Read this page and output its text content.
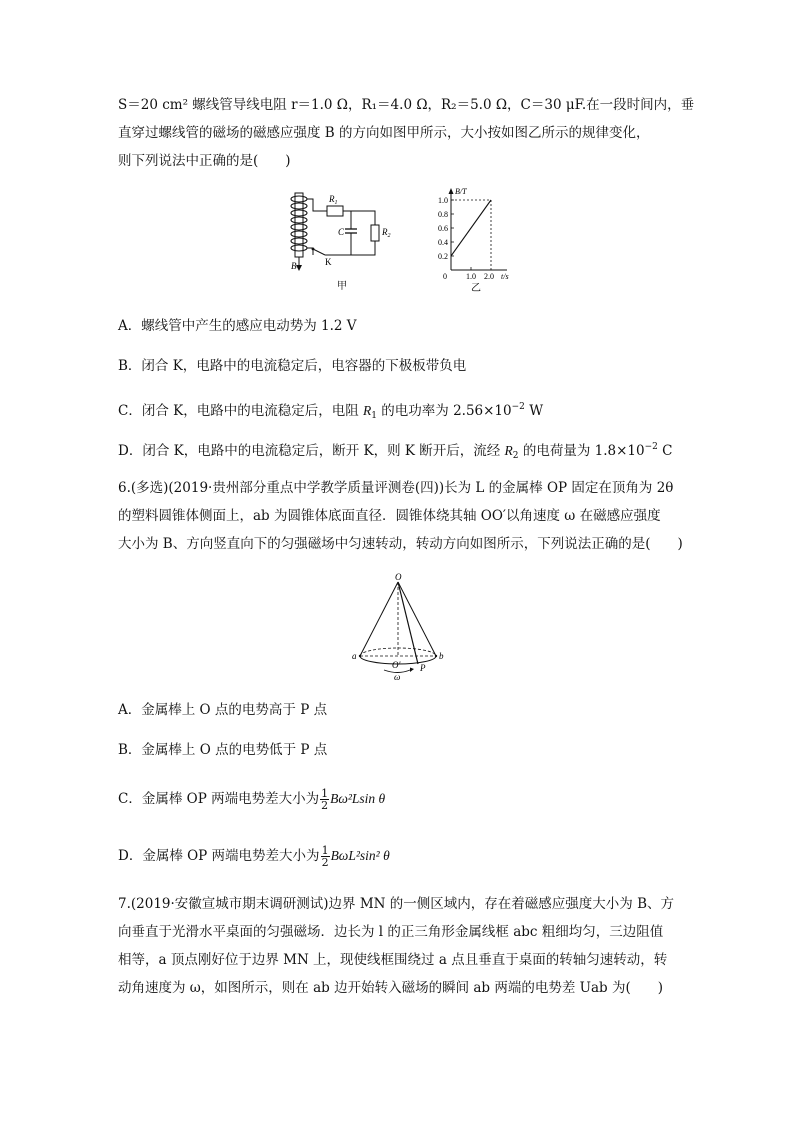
S＝20 cm² 螺线管导线电阻 r＝1.0 Ω，R₁＝4.0 Ω，R₂＝5.0 Ω，C＝30 μF.在一段时间内，垂
直穿过螺线管的磁场的磁感应强度 B 的方向如图甲所示，大小按如图乙所示的规律变化，
则下列说法中正确的是(　　)
$R_1$
$R_2$
C
B	K
甲
1.0
0.8
0.6
0.4
0.2
0 1.0 2.0
B/T
t/s
乙
A．螺线管中产生的感应电动势为 1.2 V
B．闭合 K，电路中的电流稳定后，电容器的下极板带负电
C．闭合 K，电路中的电流稳定后，电阻 $R_1$ 的电功率为 $2.56\times 10^{-2}$ W
D．闭合 K，电路中的电流稳定后，断开 K，则 K 断开后，流经 $R_2$ 的电荷量为 $1.8\times 10^{-2}$ C
6.(多选)(2019·贵州部分重点中学教学质量评测卷(四))长为 L 的金属棒 OP 固定在顶角为 2θ
的塑料圆锥体侧面上，ab 为圆锥体底面直径．圆锥体绕其轴 OO′以角速度 ω 在磁感应强度
大小为 B、方向竖直向下的匀强磁场中匀速转动，转动方向如图所示，下列说法正确的是(　　)
O
O′
a	b
P
ω
A．金属棒上 O 点的电势高于 P 点
B．金属棒上 O 点的电势低于 P 点
C．金属棒 OP 两端电势差大小为 $\frac{1}{2} B\omega^2Lsin$ θ
D．金属棒 OP 两端电势差大小为 $\frac{1}{2} B\omega L^2\sin^2$ θ
7.(2019·安徽宣城市期末调研测试)边界 MN 的一侧区域内，存在着磁感应强度大小为 B、方
向垂直于光滑水平桌面的匀强磁场．边长为 l 的正三角形金属线框 abc 粗细均匀，三边阻值
相等，a 顶点刚好位于边界 MN 上，现使线框围绕过 a 点且垂直于桌面的转轴匀速转动，转
动角速度为 ω，如图所示，则在 ab 边开始转入磁场的瞬间 ab 两端的电势差 Uab 为(　　)
